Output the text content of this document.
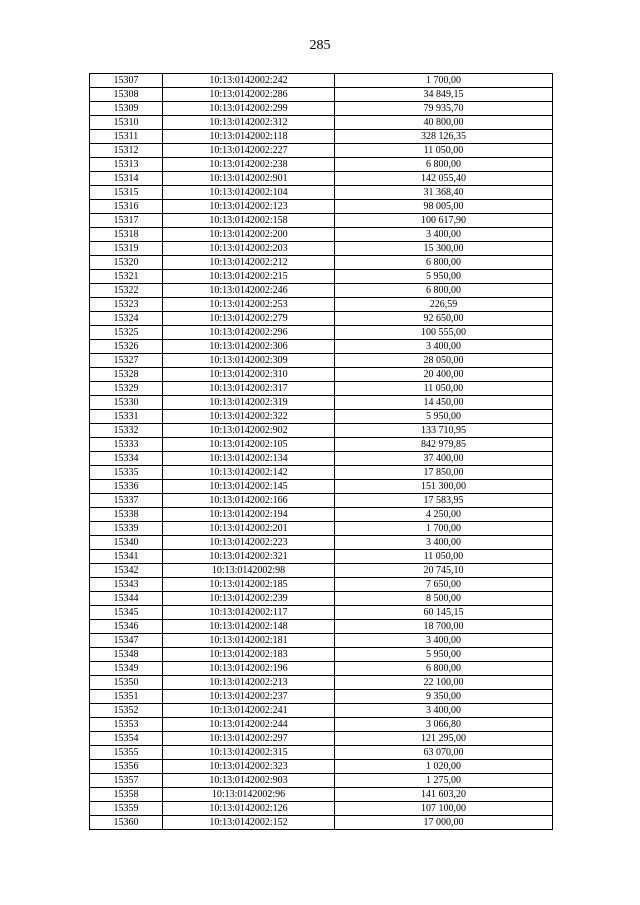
285
15307	10:13:0142002:242	1 700,00
15308	10:13:0142002:286	34 849,15
15309	10:13:0142002:299	79 935,70
15310	10:13:0142002:312	40 800,00
15311	10:13:0142002:118	328 126,35
15312	10:13:0142002:227	11 050,00
15313	10:13:0142002:238	6 800,00
15314	10:13:0142002:901	142 055,40
15315	10:13:0142002:104	31 368,40
15316	10:13:0142002:123	98 005,00
15317	10:13:0142002:158	100 617,90
15318	10:13:0142002:200	3 400,00
15319	10:13:0142002:203	15 300,00
15320	10:13:0142002:212	6 800,00
15321	10:13:0142002:215	5 950,00
15322	10:13:0142002:246	6 800,00
15323	10:13:0142002:253	226,59
15324	10:13:0142002:279	92 650,00
15325	10:13:0142002:296	100 555,00
15326	10:13:0142002:306	3 400,00
15327	10:13:0142002:309	28 050,00
15328	10:13:0142002:310	20 400,00
15329	10:13:0142002:317	11 050,00
15330	10:13:0142002:319	14 450,00
15331	10:13:0142002:322	5 950,00
15332	10:13:0142002:902	133 710,95
15333	10:13:0142002:105	842 979,85
15334	10:13:0142002:134	37 400,00
15335	10:13:0142002:142	17 850,00
15336	10:13:0142002:145	151 300,00
15337	10:13:0142002:166	17 583,95
15338	10:13:0142002:194	4 250,00
15339	10:13:0142002:201	1 700,00
15340	10:13:0142002:223	3 400,00
15341	10:13:0142002:321	11 050,00
15342	10:13:0142002:98	20 745,10
15343	10:13:0142002:185	7 650,00
15344	10:13:0142002:239	8 500,00
15345	10:13:0142002:117	60 145,15
15346	10:13:0142002:148	18 700,00
15347	10:13:0142002:181	3 400,00
15348	10:13:0142002:183	5 950,00
15349	10:13:0142002:196	6 800,00
15350	10:13:0142002:213	22 100,00
15351	10:13:0142002:237	9 350,00
15352	10:13:0142002:241	3 400,00
15353	10:13:0142002:244	3 066,80
15354	10:13:0142002:297	121 295,00
15355	10:13:0142002:315	63 070,00
15356	10:13:0142002:323	1 020,00
15357	10:13:0142002:903	1 275,00
15358	10:13:0142002:96	141 603,20
15359	10:13:0142002:126	107 100,00
15360	10:13:0142002:152	17 000,00
